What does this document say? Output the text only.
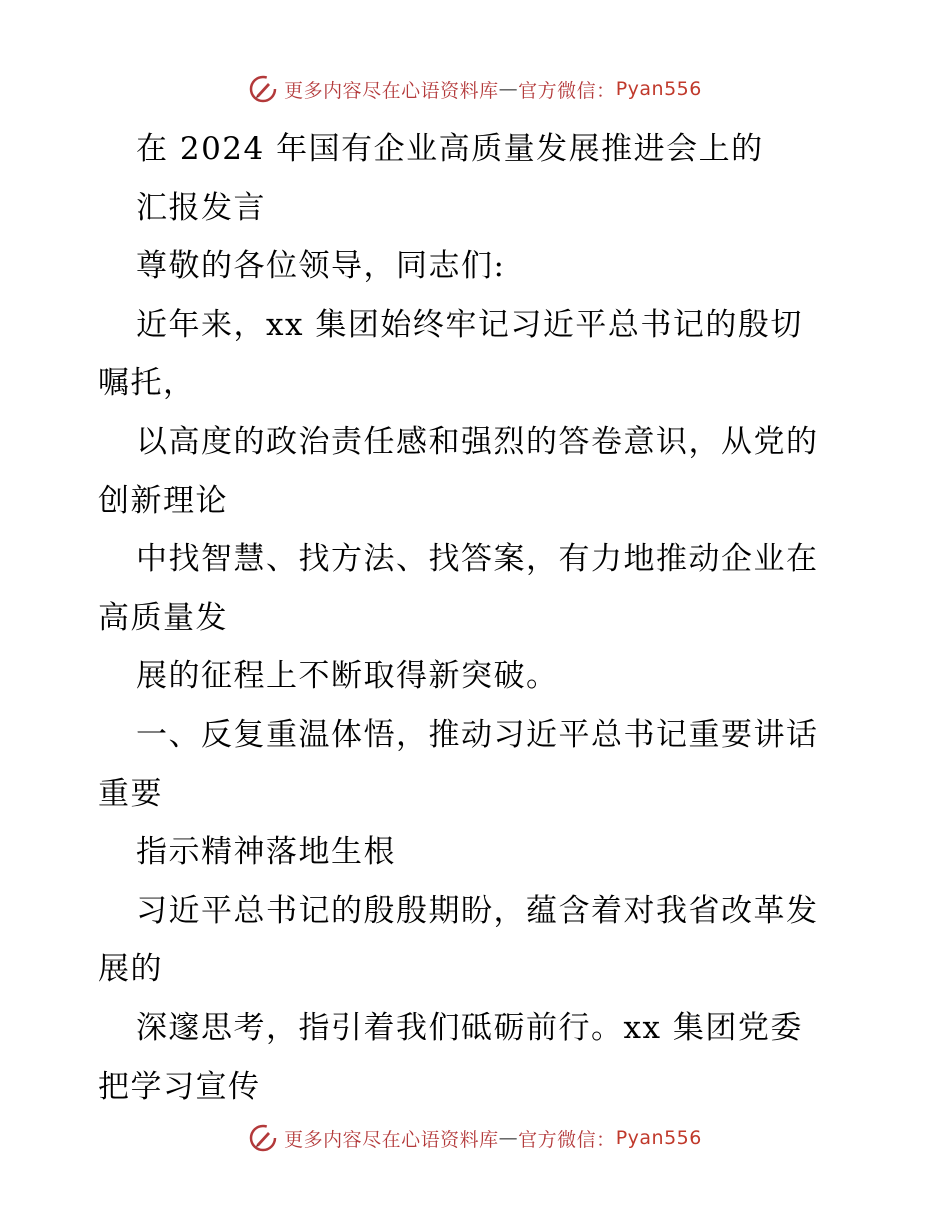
更多内容尽在心语资料库 — 官方微信： Pyan556
在 2024 年国有企业高质量发展推进会上的
汇报发言
尊敬的各位领导，同志们:
近年来，xx 集团始终牢记习近平总书记的殷切
嘱托，
以高度的政治责任感和强烈的答卷意识，从党的
创新理论
中找智慧、找方法、找答案，有力地推动企业在
高质量发
展的征程上不断取得新突破。
一、反复重温体悟，推动习近平总书记重要讲话
重要
指示精神落地生根
习近平总书记的殷殷期盼，蕴含着对我省改革发
展的
深邃思考，指引着我们砥砺前行。xx 集团党委
把学习宣传
更多内容尽在心语资料库 — 官方微信： Pyan556
